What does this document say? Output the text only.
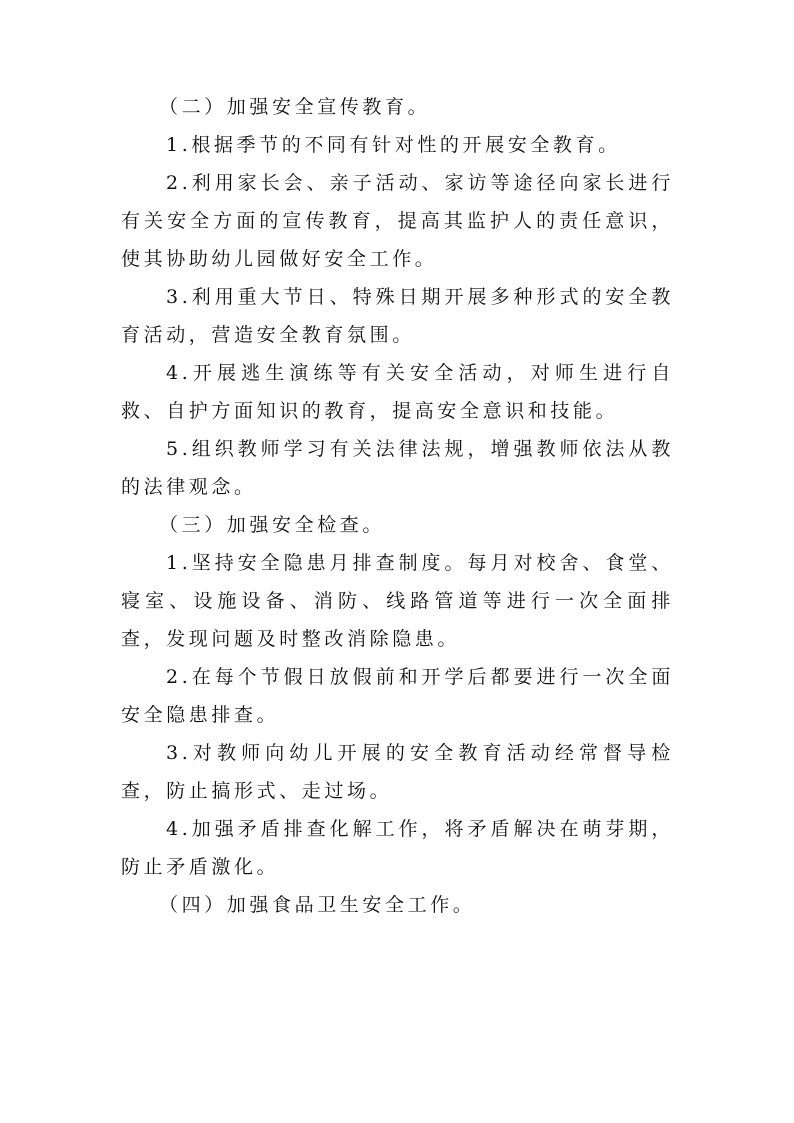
（二）加强安全宣传教育。

1.根据季节的不同有针对性的开展安全教育。

2.利用家长会、亲子活动、家访等途径向家长进行有关安全方面的宣传教育，提高其监护人的责任意识，使其协助幼儿园做好安全工作。

3.利用重大节日、特殊日期开展多种形式的安全教育活动，营造安全教育氛围。

4.开展逃生演练等有关安全活动，对师生进行自救、自护方面知识的教育，提高安全意识和技能。

5.组织教师学习有关法律法规，增强教师依法从教的法律观念。

（三）加强安全检查。

1.坚持安全隐患月排查制度。每月对校舍、食堂、寝室、设施设备、消防、线路管道等进行一次全面排查，发现问题及时整改消除隐患。

2.在每个节假日放假前和开学后都要进行一次全面安全隐患排查。

3.对教师向幼儿开展的安全教育活动经常督导检查，防止搞形式、走过场。

4.加强矛盾排查化解工作，将矛盾解决在萌芽期，防止矛盾激化。

（四）加强食品卫生安全工作。
